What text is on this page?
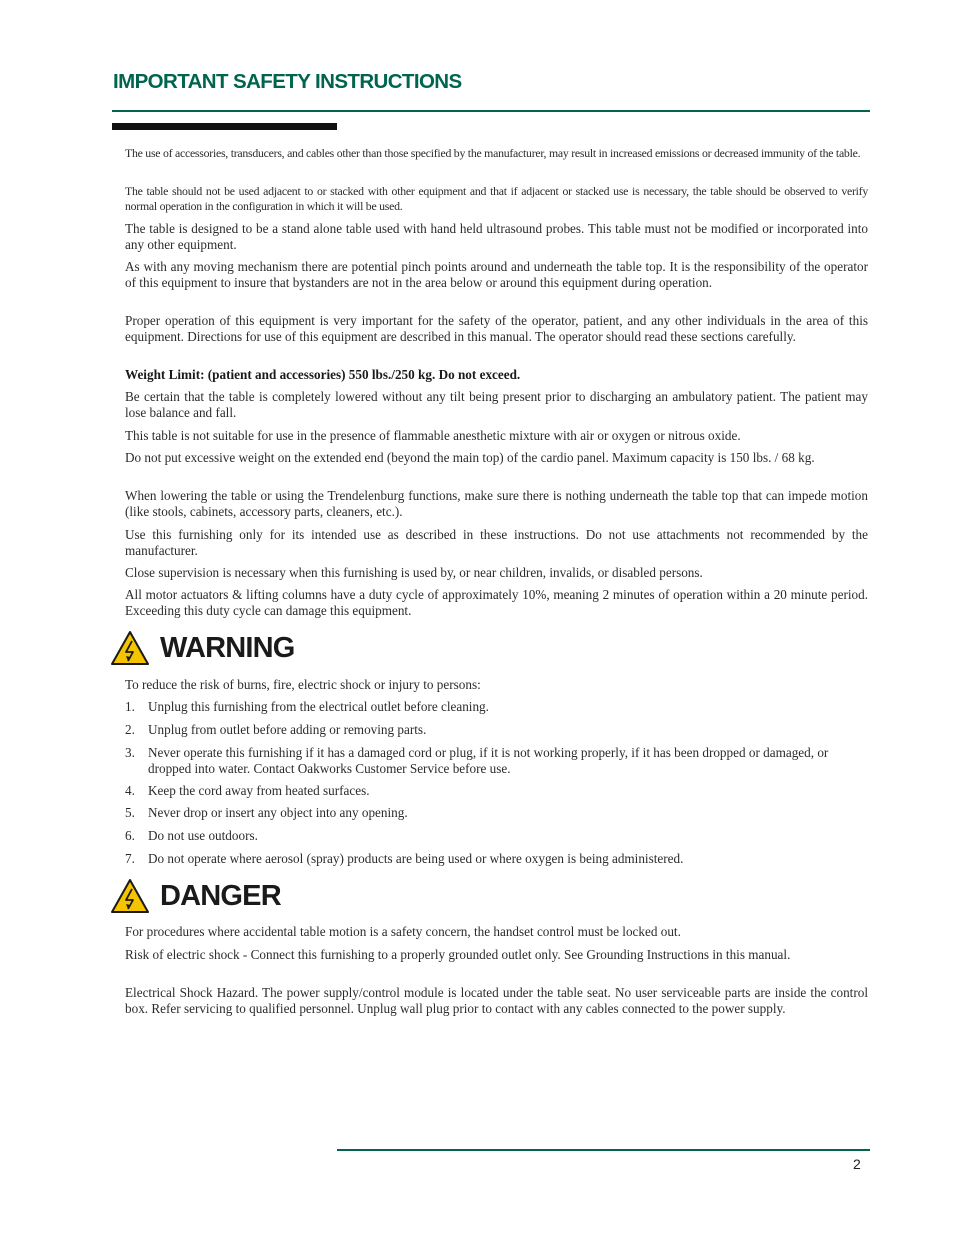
IMPORTANT SAFETY INSTRUCTIONS

The use of accessories, transducers, and cables other than those specified by the manufacturer, may result in increased emissions or decreased immunity of the table.

The table should not be used adjacent to or stacked with other equipment and that if adjacent or stacked use is necessary, the table should be observed to verify normal operation in the configuration in which it will be used.

The table is designed to be a stand alone table used with hand held ultrasound probes. This table must not be modified or incorporated into any other equipment.

As with any moving mechanism there are potential pinch points around and underneath the table top. It is the responsibility of the operator of this equipment to insure that bystanders are not in the area below or around this equipment during operation.

Proper operation of this equipment is very important for the safety of the operator, patient, and any other individuals in the area of this equipment. Directions for use of this equipment are described in this manual. The operator should read these sections carefully.

Weight Limit: (patient and accessories) 550 lbs./250 kg. Do not exceed.

Be certain that the table is completely lowered without any tilt being present prior to discharging an ambulatory patient. The patient may lose balance and fall.

This table is not suitable for use in the presence of flammable anesthetic mixture with air or oxygen or nitrous oxide.

Do not put excessive weight on the extended end (beyond the main top) of the cardio panel. Maximum capacity is 150 lbs. / 68 kg.

When lowering the table or using the Trendelenburg functions, make sure there is nothing underneath the table top that can impede motion (like stools, cabinets, accessory parts, cleaners, etc.).

Use this furnishing only for its intended use as described in these instructions. Do not use attachments not recommended by the manufacturer.

Close supervision is necessary when this furnishing is used by, or near children, invalids, or disabled persons.

All motor actuators & lifting columns have a duty cycle of approximately 10%, meaning 2 minutes of operation within a 20 minute period. Exceeding this duty cycle can damage this equipment.

WARNING

To reduce the risk of burns, fire, electric shock or injury to persons:

1. Unplug this furnishing from the electrical outlet before cleaning.
2. Unplug from outlet before adding or removing parts.
3. Never operate this furnishing if it has a damaged cord or plug, if it is not working properly, if it has been dropped or damaged, or dropped into water. Contact Oakworks Customer Service before use.
4. Keep the cord away from heated surfaces.
5. Never drop or insert any object into any opening.
6. Do not use outdoors.
7. Do not operate where aerosol (spray) products are being used or where oxygen is being administered.
DANGER

For procedures where accidental table motion is a safety concern, the handset control must be locked out.

Risk of electric shock - Connect this furnishing to a properly grounded outlet only. See Grounding Instructions in this manual.

Electrical Shock Hazard. The power supply/control module is located under the table seat. No user serviceable parts are inside the control box. Refer servicing to qualified personnel. Unplug wall plug prior to contact with any cables connected to the power supply.

2
